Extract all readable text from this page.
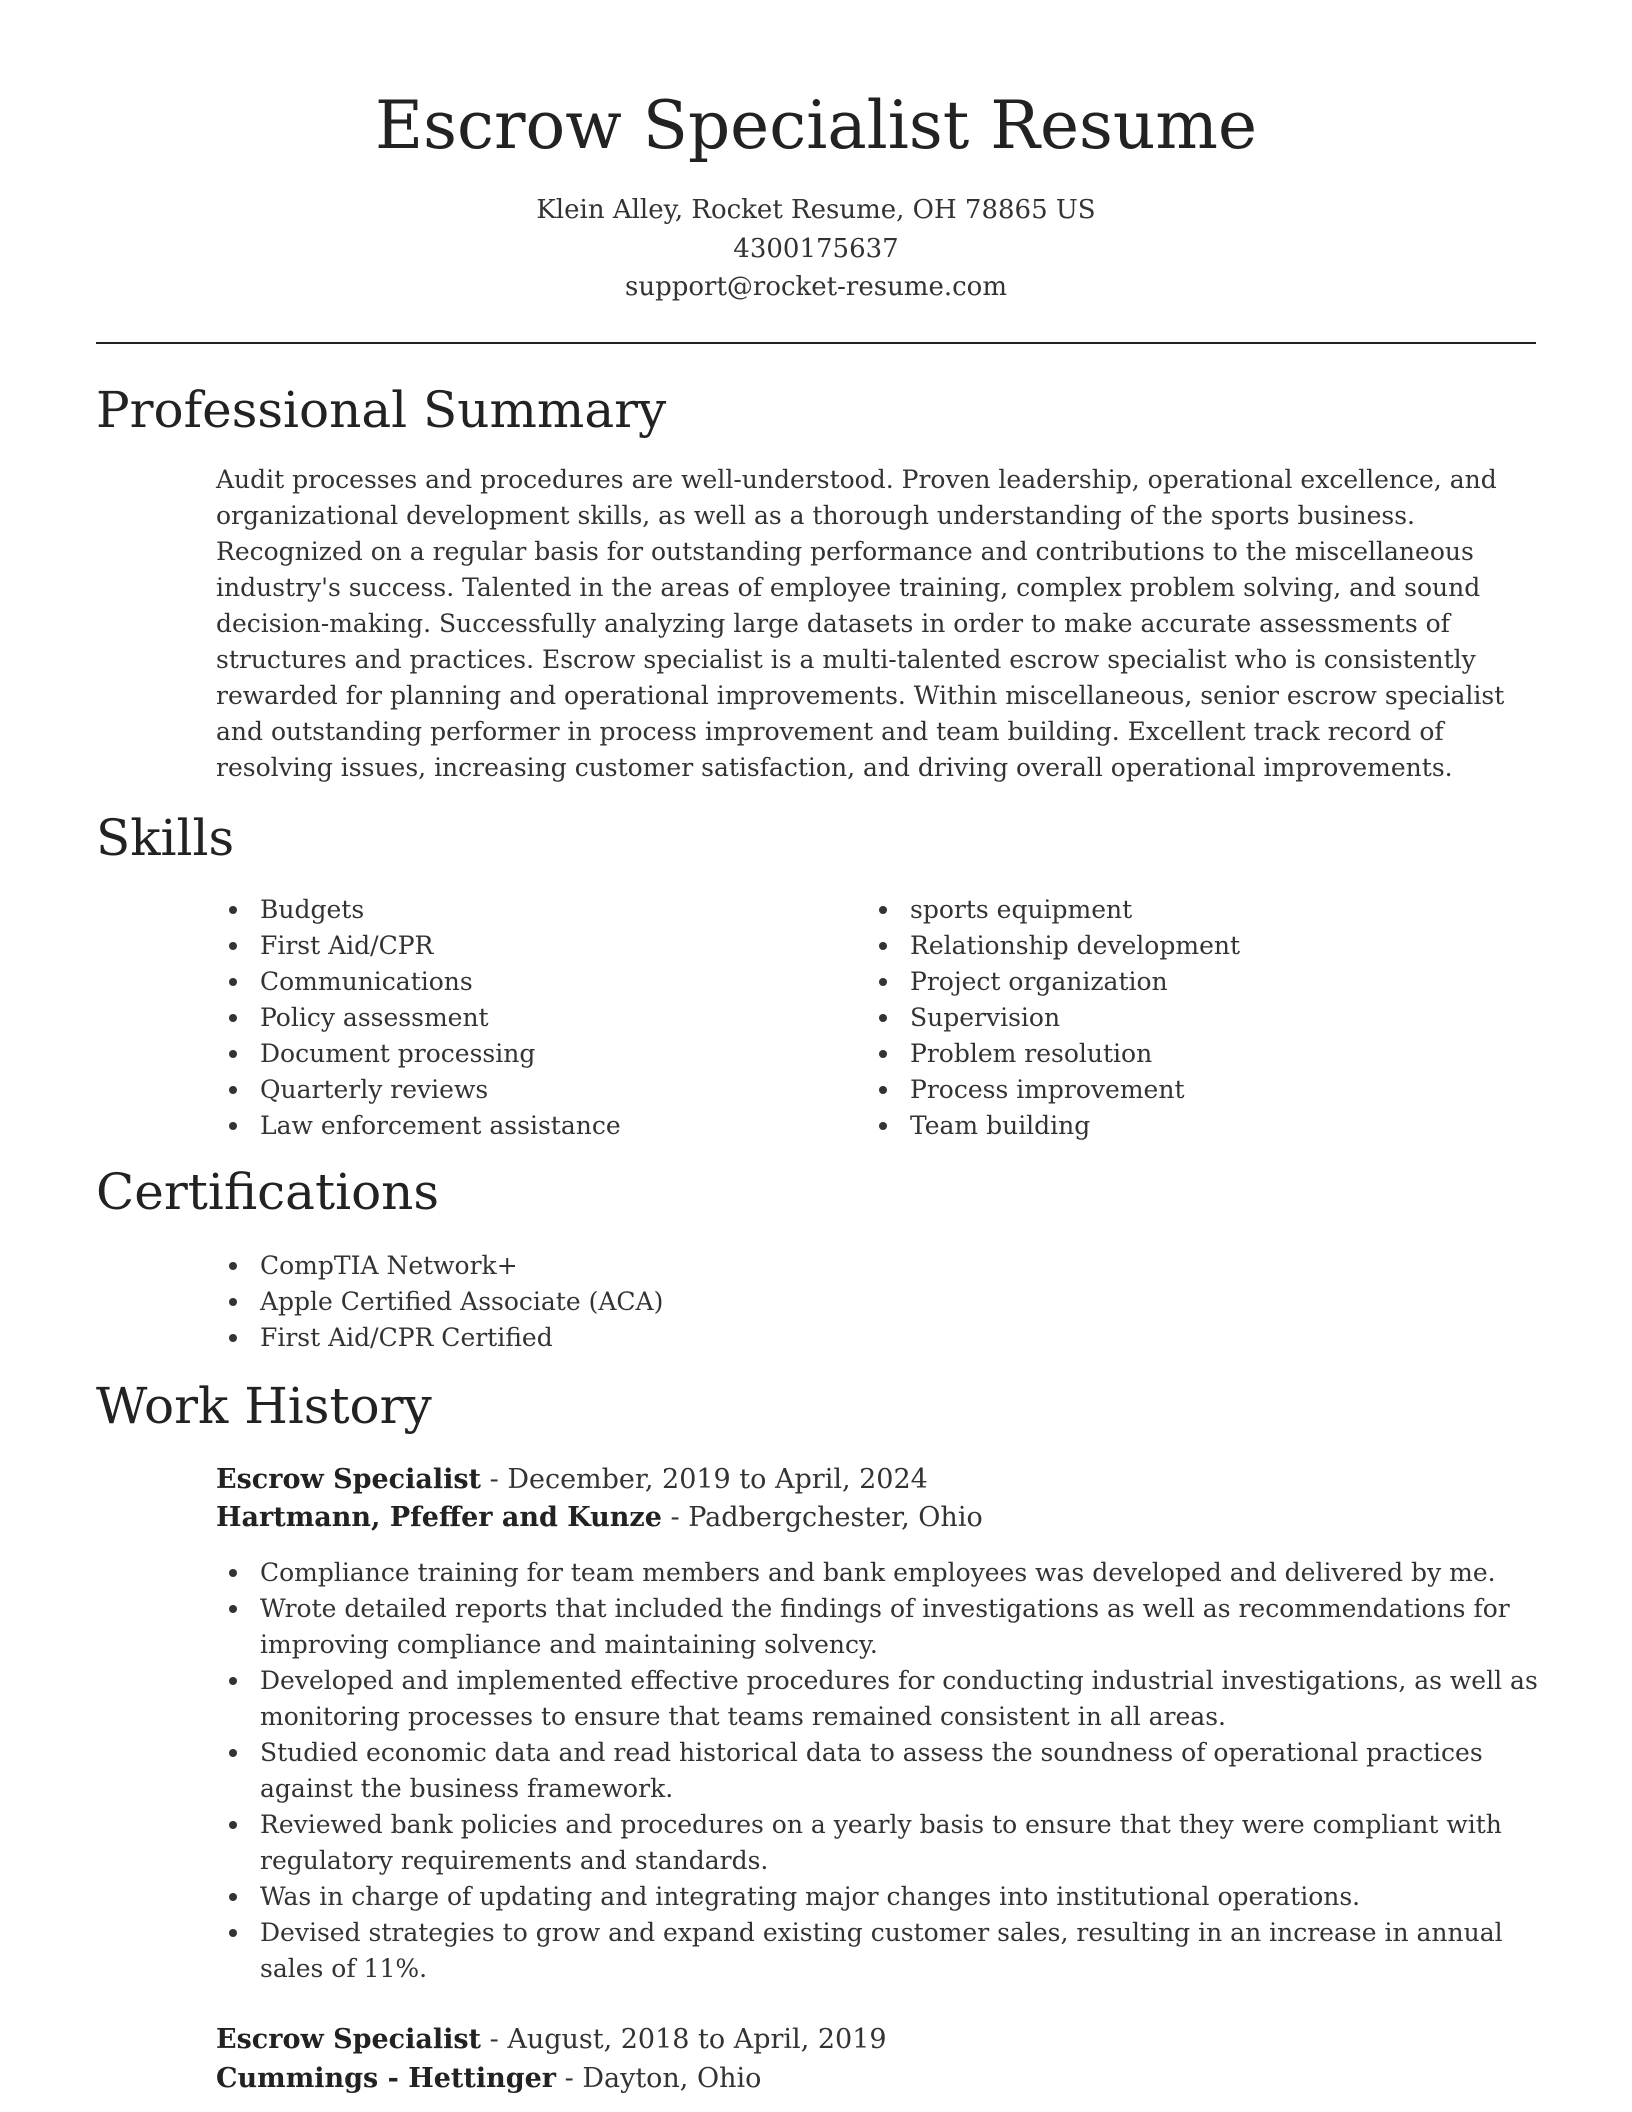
Escrow Specialist Resume
Klein Alley, Rocket Resume, OH 78865 US
4300175637
support@rocket-resume.com
Professional Summary

Audit processes and procedures are well-understood. Proven leadership, operational excellence, and organizational development skills, as well as a thorough understanding of the sports business. Recognized on a regular basis for outstanding performance and contributions to the miscellaneous industry's success. Talented in the areas of employee training, complex problem solving, and sound decision-making. Successfully analyzing large datasets in order to make accurate assessments of structures and practices. Escrow specialist is a multi-talented escrow specialist who is consistently rewarded for planning and operational improvements. Within miscellaneous, senior escrow specialist and outstanding performer in process improvement and team building. Excellent track record of resolving issues, increasing customer satisfaction, and driving overall operational improvements.

Skills
Budgets
First Aid/CPR
Communications
Policy assessment
Document processing
Quarterly reviews
Law enforcement assistance
sports equipment
Relationship development
Project organization
Supervision
Problem resolution
Process improvement
Team building
Certifications
CompTIA Network+
Apple Certified Associate (ACA)
First Aid/CPR Certified
Work History
Escrow Specialist - December, 2019 to April, 2024
Hartmann, Pfeffer and Kunze - Padbergchester, Ohio
Compliance training for team members and bank employees was developed and delivered by me.
Wrote detailed reports that included the findings of investigations as well as recommendations for improving compliance and maintaining solvency.
Developed and implemented effective procedures for conducting industrial investigations, as well as monitoring processes to ensure that teams remained consistent in all areas.
Studied economic data and read historical data to assess the soundness of operational practices against the business framework.
Reviewed bank policies and procedures on a yearly basis to ensure that they were compliant with regulatory requirements and standards.
Was in charge of updating and integrating major changes into institutional operations.
Devised strategies to grow and expand existing customer sales, resulting in an increase in annual sales of 11%.
Escrow Specialist - August, 2018 to April, 2019
Cummings - Hettinger - Dayton, Ohio
